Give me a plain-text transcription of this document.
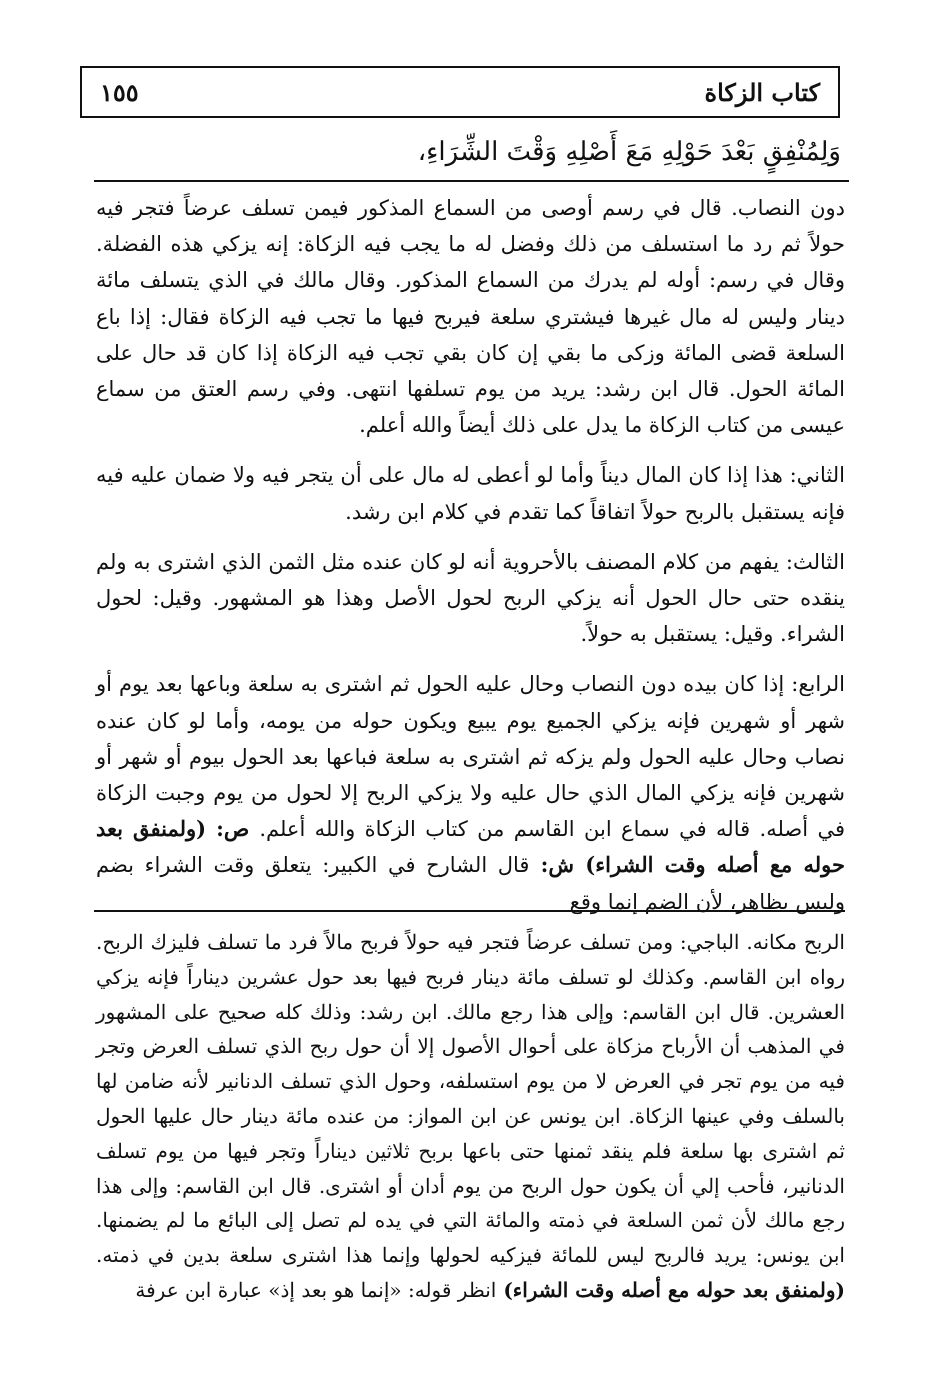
كتاب الزكاة
١٥٥
وَلِمُنْفِقٍ بَعْدَ حَوْلِهِ مَعَ أَصْلِهِ وَقْتَ الشِّرَاءِ،

دون النصاب. قال في رسم أوصى من السماع المذكور فيمن تسلف عرضاً فتجر فيه حولاً ثم رد ما استسلف من ذلك وفضل له ما يجب فيه الزكاة: إنه يزكي هذه الفضلة. وقال في رسم: أوله لم يدرك من السماع المذكور. وقال مالك في الذي يتسلف مائة دينار وليس له مال غيرها فيشتري سلعة فيربح فيها ما تجب فيه الزكاة فقال: إذا باع السلعة قضى المائة وزكى ما بقي إن كان بقي تجب فيه الزكاة إذا كان قد حال على المائة الحول. قال ابن رشد: يريد من يوم تسلفها انتهى. وفي رسم العتق من سماع عيسى من كتاب الزكاة ما يدل على ذلك أيضاً والله أعلم.

الثاني: هذا إذا كان المال ديناً وأما لو أعطى له مال على أن يتجر فيه ولا ضمان عليه فيه فإنه يستقبل بالربح حولاً اتفاقاً كما تقدم في كلام ابن رشد.

الثالث: يفهم من كلام المصنف بالأحروية أنه لو كان عنده مثل الثمن الذي اشترى به ولم ينقده حتى حال الحول أنه يزكي الربح لحول الأصل وهذا هو المشهور. وقيل: لحول الشراء. وقيل: يستقبل به حولاً.

الرابع: إذا كان بيده دون النصاب وحال عليه الحول ثم اشترى به سلعة وباعها بعد يوم أو شهر أو شهرين فإنه يزكي الجميع يوم يبيع ويكون حوله من يومه، وأما لو كان عنده نصاب وحال عليه الحول ولم يزكه ثم اشترى به سلعة فباعها بعد الحول بيوم أو شهر أو شهرين فإنه يزكي المال الذي حال عليه ولا يزكي الربح إلا لحول من يوم وجبت الزكاة في أصله. قاله في سماع ابن القاسم من كتاب الزكاة والله أعلم. ص: (ولمنفق بعد حوله مع أصله وقت الشراء) ش: قال الشارح في الكبير: يتعلق وقت الشراء بضم وليس بظاهر، لأن الضم إنما وقع

الربح مكانه. الباجي: ومن تسلف عرضاً فتجر فيه حولاً فربح مالاً فرد ما تسلف فليزك الربح. رواه ابن القاسم. وكذلك لو تسلف مائة دينار فربح فيها بعد حول عشرين ديناراً فإنه يزكي العشرين. قال ابن القاسم: وإلى هذا رجع مالك. ابن رشد: وذلك كله صحيح على المشهور في المذهب أن الأرباح مزكاة على أحوال الأصول إلا أن حول ربح الذي تسلف العرض وتجر فيه من يوم تجر في العرض لا من يوم استسلفه، وحول الذي تسلف الدنانير لأنه ضامن لها بالسلف وفي عينها الزكاة. ابن يونس عن ابن المواز: من عنده مائة دينار حال عليها الحول ثم اشترى بها سلعة فلم ينقد ثمنها حتى باعها بربح ثلاثين ديناراً وتجر فيها من يوم تسلف الدنانير، فأحب إلي أن يكون حول الربح من يوم أدان أو اشترى. قال ابن القاسم: وإلى هذا رجع مالك لأن ثمن السلعة في ذمته والمائة التي في يده لم تصل إلى البائع ما لم يضمنها. ابن يونس: يريد فالربح ليس للمائة فيزكيه لحولها وإنما هذا اشترى سلعة بدين في ذمته. (ولمنفق بعد حوله مع أصله وقت الشراء) انظر قوله: «إنما هو بعد إذ» عبارة ابن عرفة
